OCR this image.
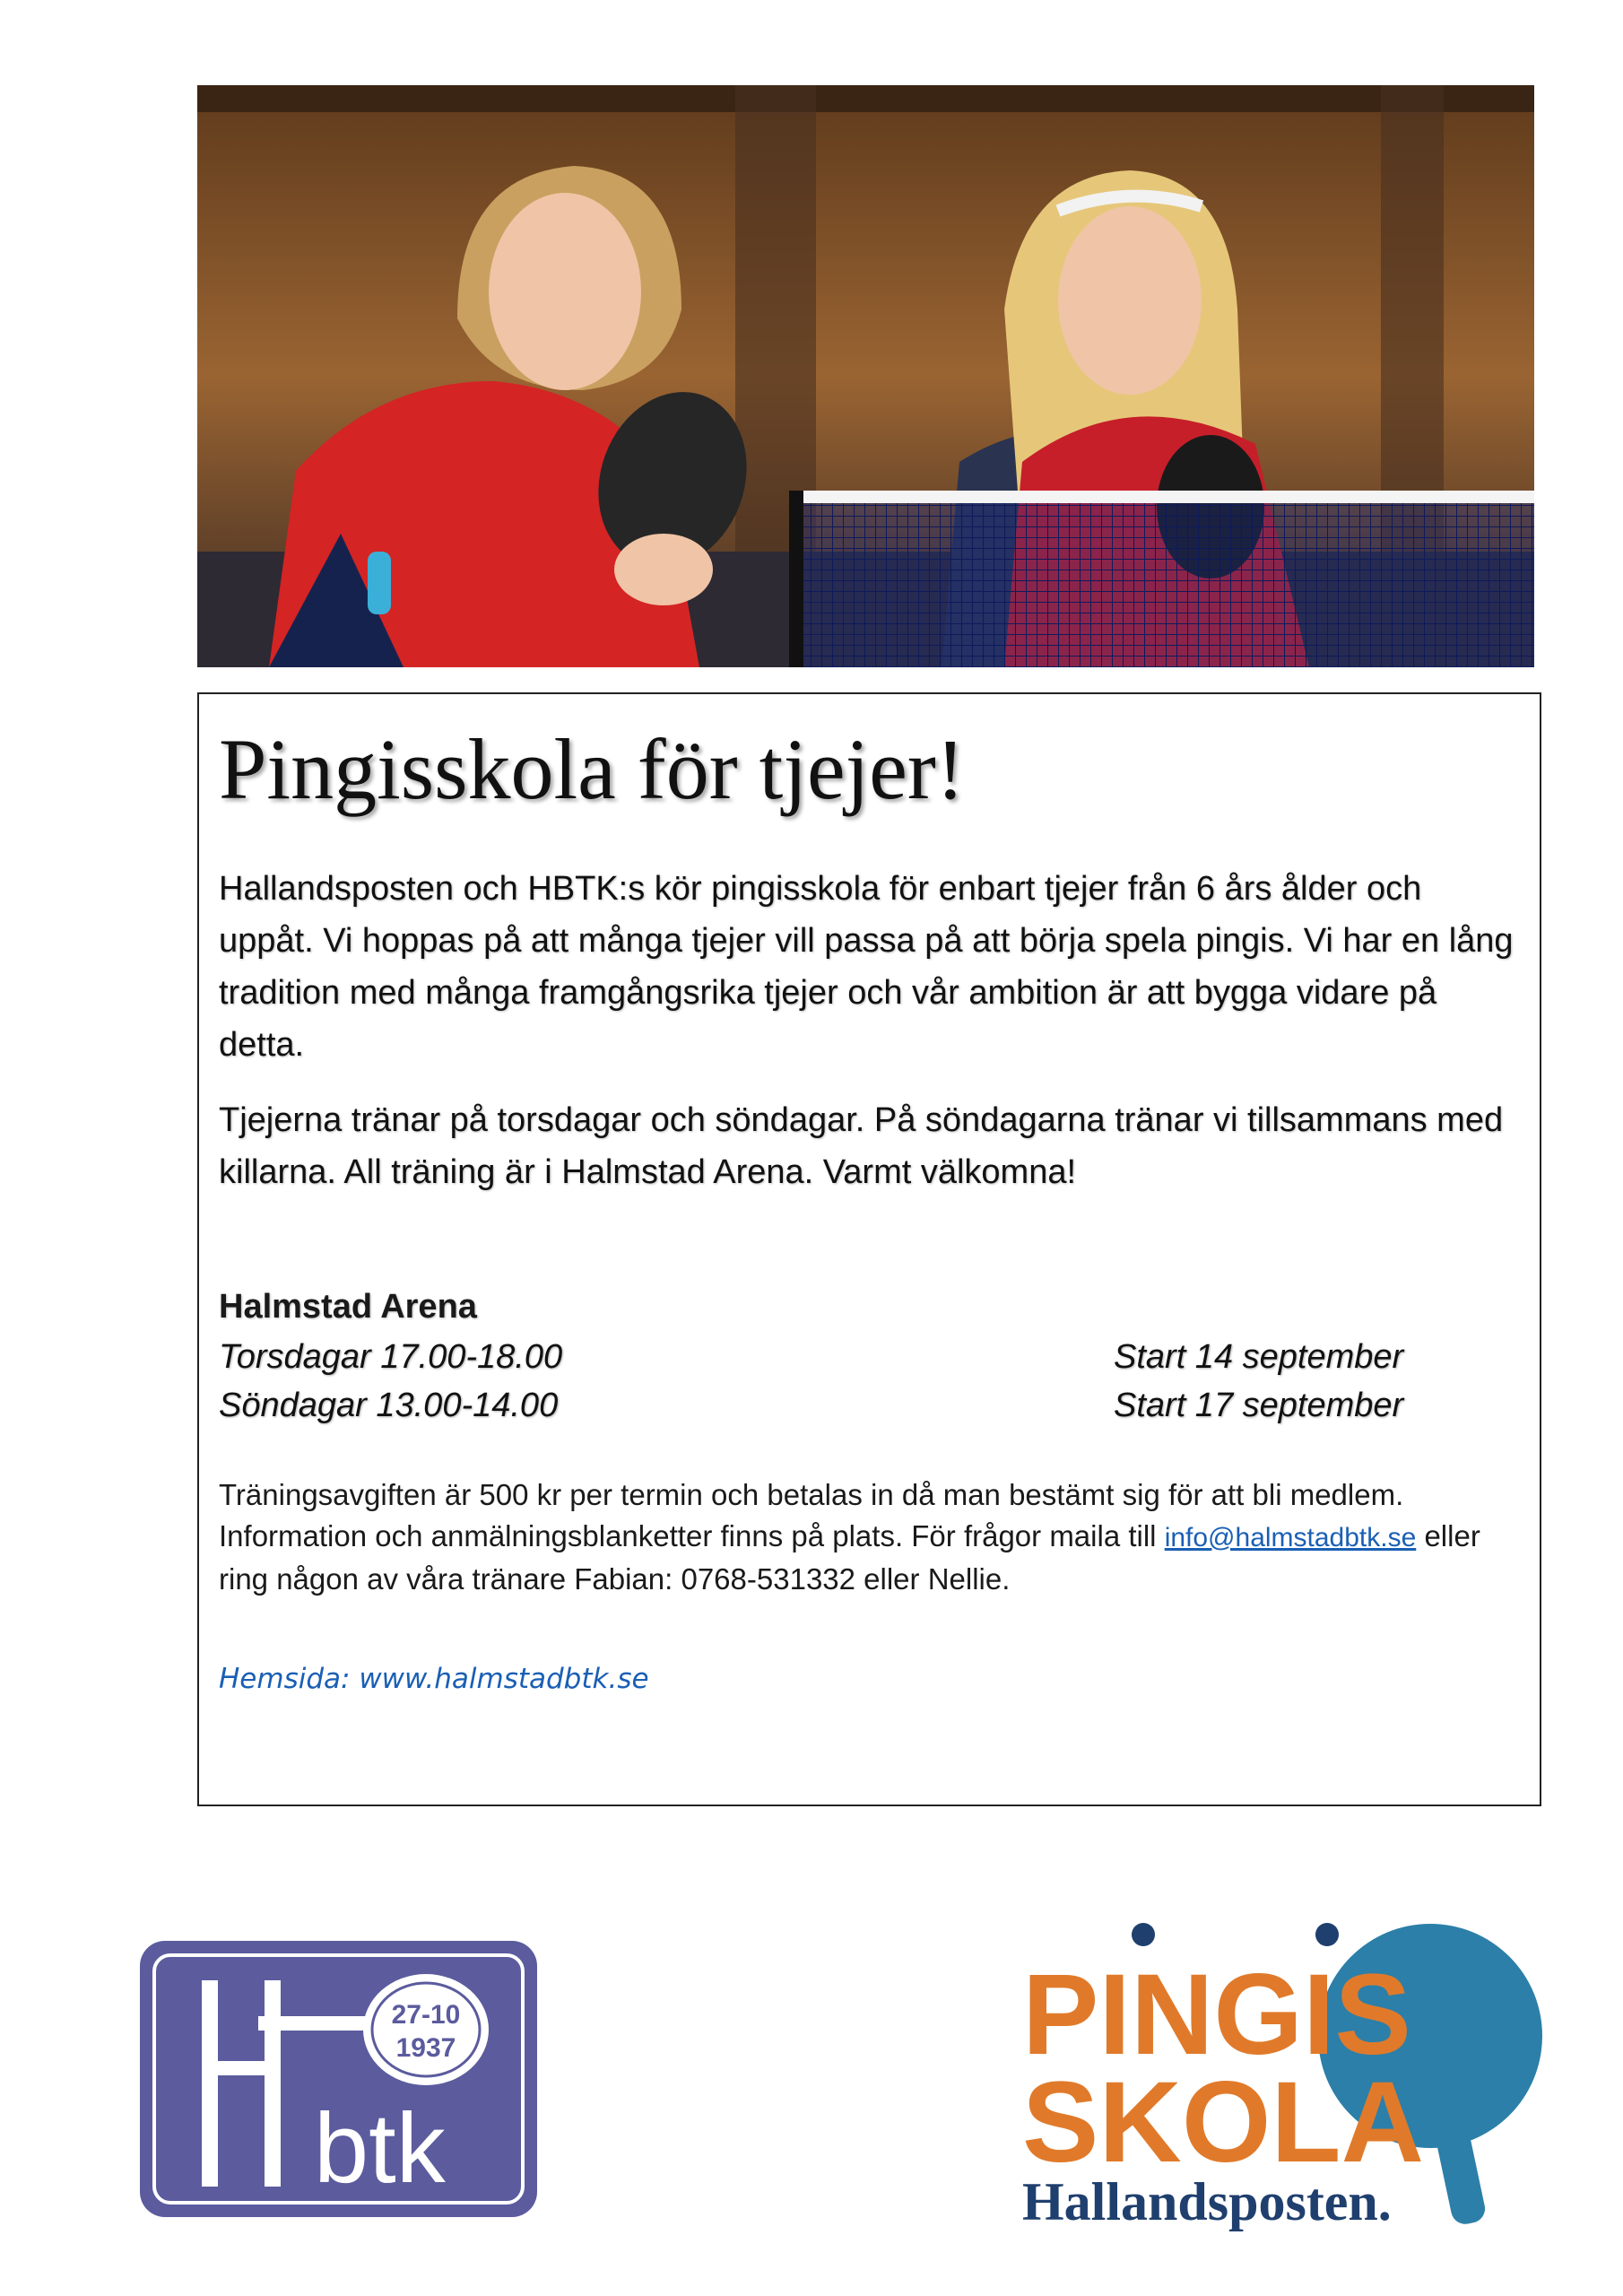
Pingisskola för tjejer!

Hallandsposten och HBTK:s kör pingisskola för enbart tjejer från 6 års ålder och uppåt. Vi hoppas på att många tjejer vill passa på att börja spela pingis. Vi har en lång tradition med många framgångsrika tjejer och vår ambition är att bygga vidare på detta.

Tjejerna tränar på torsdagar och söndagar. På söndagarna tränar vi tillsammans med killarna. All träning är i Halmstad Arena. Varmt välkomna!

Halmstad Arena
Torsdagar 17.00-18.00	Start 14 september
Söndagar 13.00-14.00	Start 17 september

Träningsavgiften är 500 kr per termin och betalas in då man bestämt sig för att bli medlem. Information och anmälningsblanketter finns på plats. För frågor maila till info@halmstadbtk.se eller ring någon av våra tränare Fabian: 0768-531332 eller Nellie.

Hemsida: www.halmstadbtk.se
27-10
1937
btk
PINGIS
SKOLA
Hallandsposten.
